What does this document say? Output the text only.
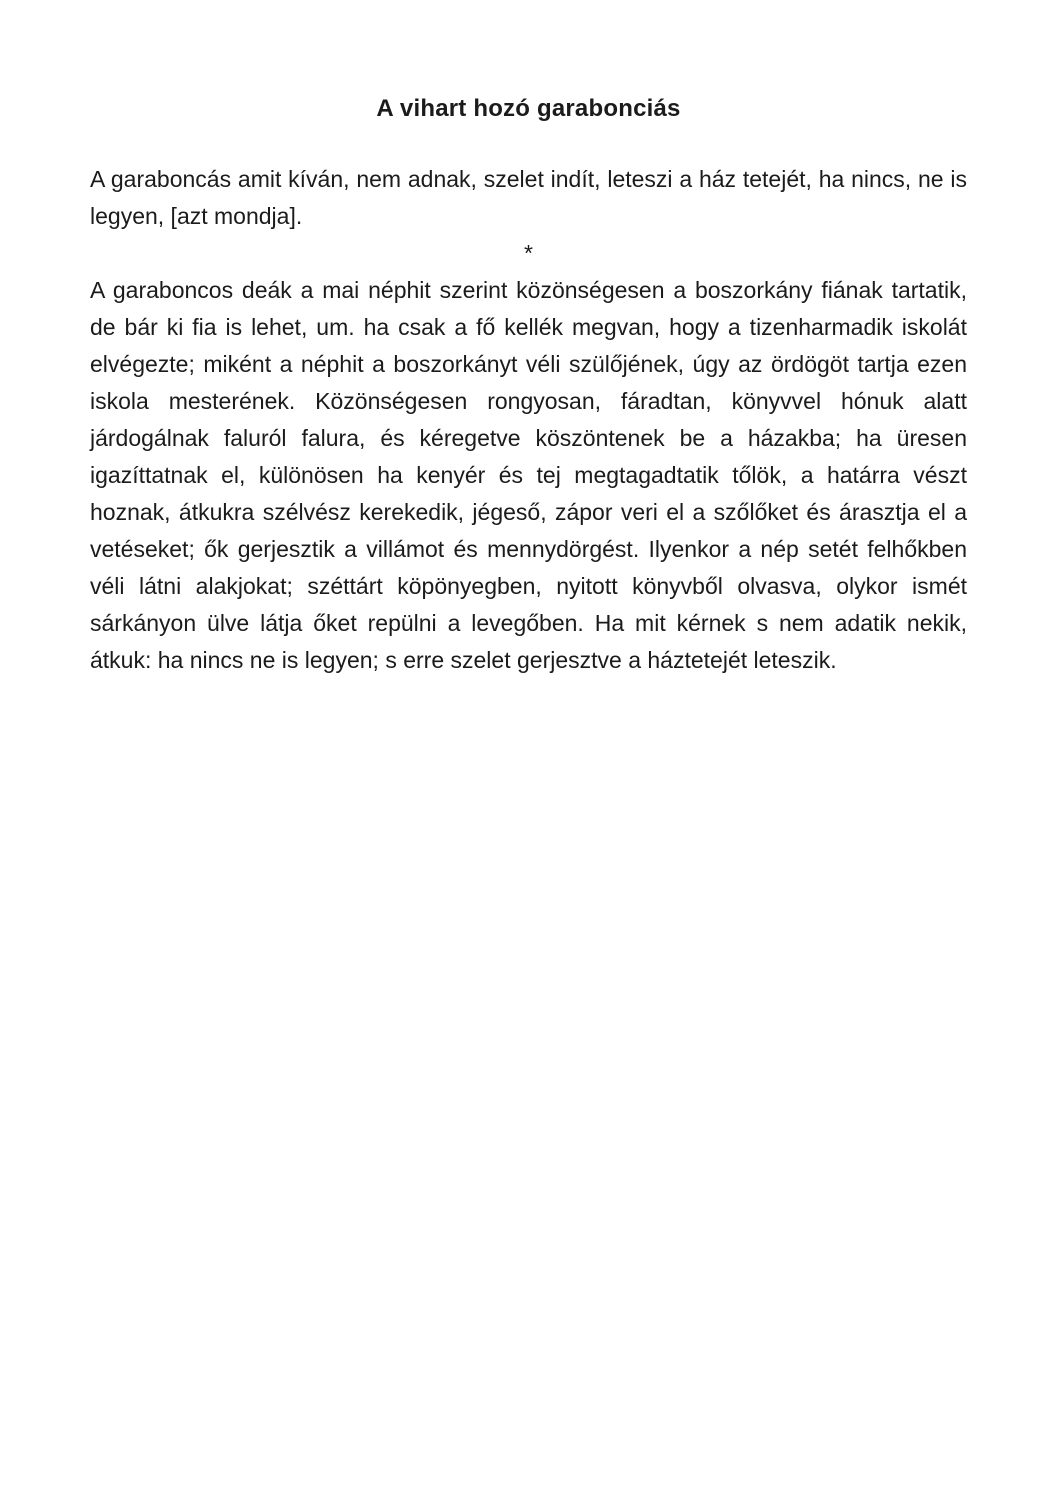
A vihart hozó garabonciás

A garaboncás amit kíván, nem adnak, szelet indít, leteszi a ház tetejét, ha nincs, ne is legyen, [azt mondja].

*

A garaboncos deák a mai néphit szerint közönségesen a boszorkány fiának tartatik, de bár ki fia is lehet, um. ha csak a fő kellék megvan, hogy a tizenharmadik iskolát elvégezte; miként a néphit a boszorkányt véli szülőjének, úgy az ördögöt tartja ezen iskola mesterének. Közönségesen rongyosan, fáradtan, könyvvel hónuk alatt járdogálnak faluról falura, és kéregetve köszöntenek be a házakba; ha üresen igazíttatnak el, különösen ha kenyér és tej megtagadtatik tőlök, a határra vészt hoznak, átkukra szélvész kerekedik, jégeső, zápor veri el a szőlőket és árasztja el a vetéseket; ők gerjesztik a villámot és mennydörgést. Ilyenkor a nép setét felhőkben véli látni alakjokat; széttárt köpönyegben, nyitott könyvből olvasva, olykor ismét sárkányon ülve látja őket repülni a levegőben. Ha mit kérnek s nem adatik nekik, átkuk: ha nincs ne is legyen; s erre szelet gerjesztve a háztetejét leteszik.
